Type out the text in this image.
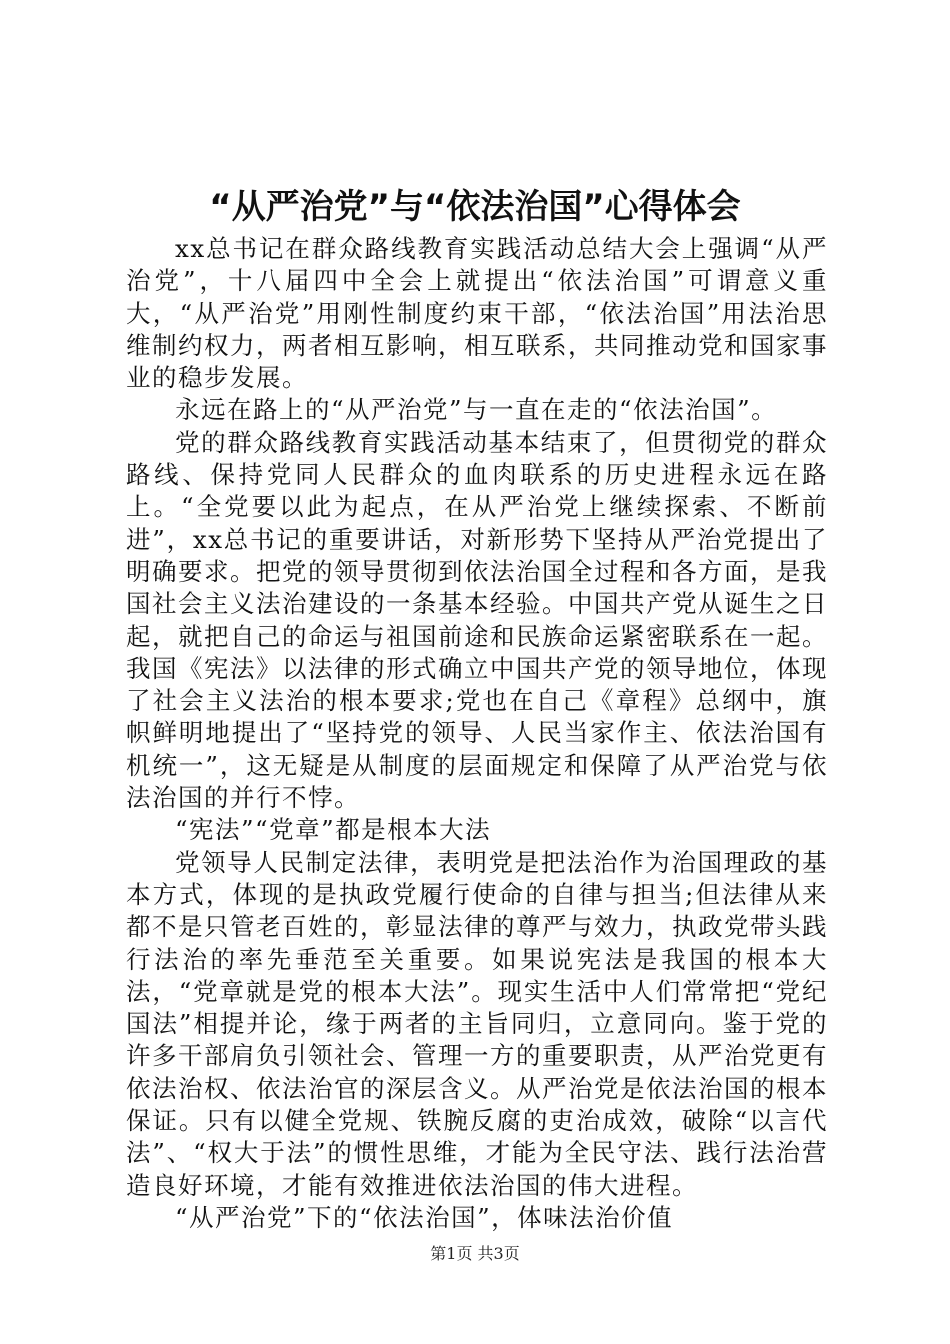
“从严治党”与“依法治国”心得体会

xx总书记在群众路线教育实践活动总结大会上强调“从严治党”，十八届四中全会上就提出“依法治国”可谓意义重大，“从严治党”用刚性制度约束干部，“依法治国”用法治思维制约权力，两者相互影响，相互联系，共同推动党和国家事业的稳步发展。

永远在路上的“从严治党”与一直在走的“依法治国”。

党的群众路线教育实践活动基本结束了，但贯彻党的群众路线、保持党同人民群众的血肉联系的历史进程永远在路上。“全党要以此为起点，在从严治党上继续探索、不断前进”，xx总书记的重要讲话，对新形势下坚持从严治党提出了明确要求。把党的领导贯彻到依法治国全过程和各方面，是我国社会主义法治建设的一条基本经验。中国共产党从诞生之日起，就把自己的命运与祖国前途和民族命运紧密联系在一起。我国《宪法》以法律的形式确立中国共产党的领导地位，体现了社会主义法治的根本要求;党也在自己《章程》总纲中，旗帜鲜明地提出了“坚持党的领导、人民当家作主、依法治国有机统一”，这无疑是从制度的层面规定和保障了从严治党与依法治国的并行不悖。

“宪法”“党章”都是根本大法

党领导人民制定法律，表明党是把法治作为治国理政的基本方式，体现的是执政党履行使命的自律与担当;但法律从来都不是只管老百姓的，彰显法律的尊严与效力，执政党带头践行法治的率先垂范至关重要。如果说宪法是我国的根本大法，“党章就是党的根本大法”。现实生活中人们常常把“党纪国法”相提并论，缘于两者的主旨同归，立意同向。鉴于党的许多干部肩负引领社会、管理一方的重要职责，从严治党更有依法治权、依法治官的深层含义。从严治党是依法治国的根本保证。只有以健全党规、铁腕反腐的吏治成效，破除“以言代法”、“权大于法”的惯性思维，才能为全民守法、践行法治营造良好环境，才能有效推进依法治国的伟大进程。

“从严治党”下的“依法治国”，体味法治价值

第1页 共3页
